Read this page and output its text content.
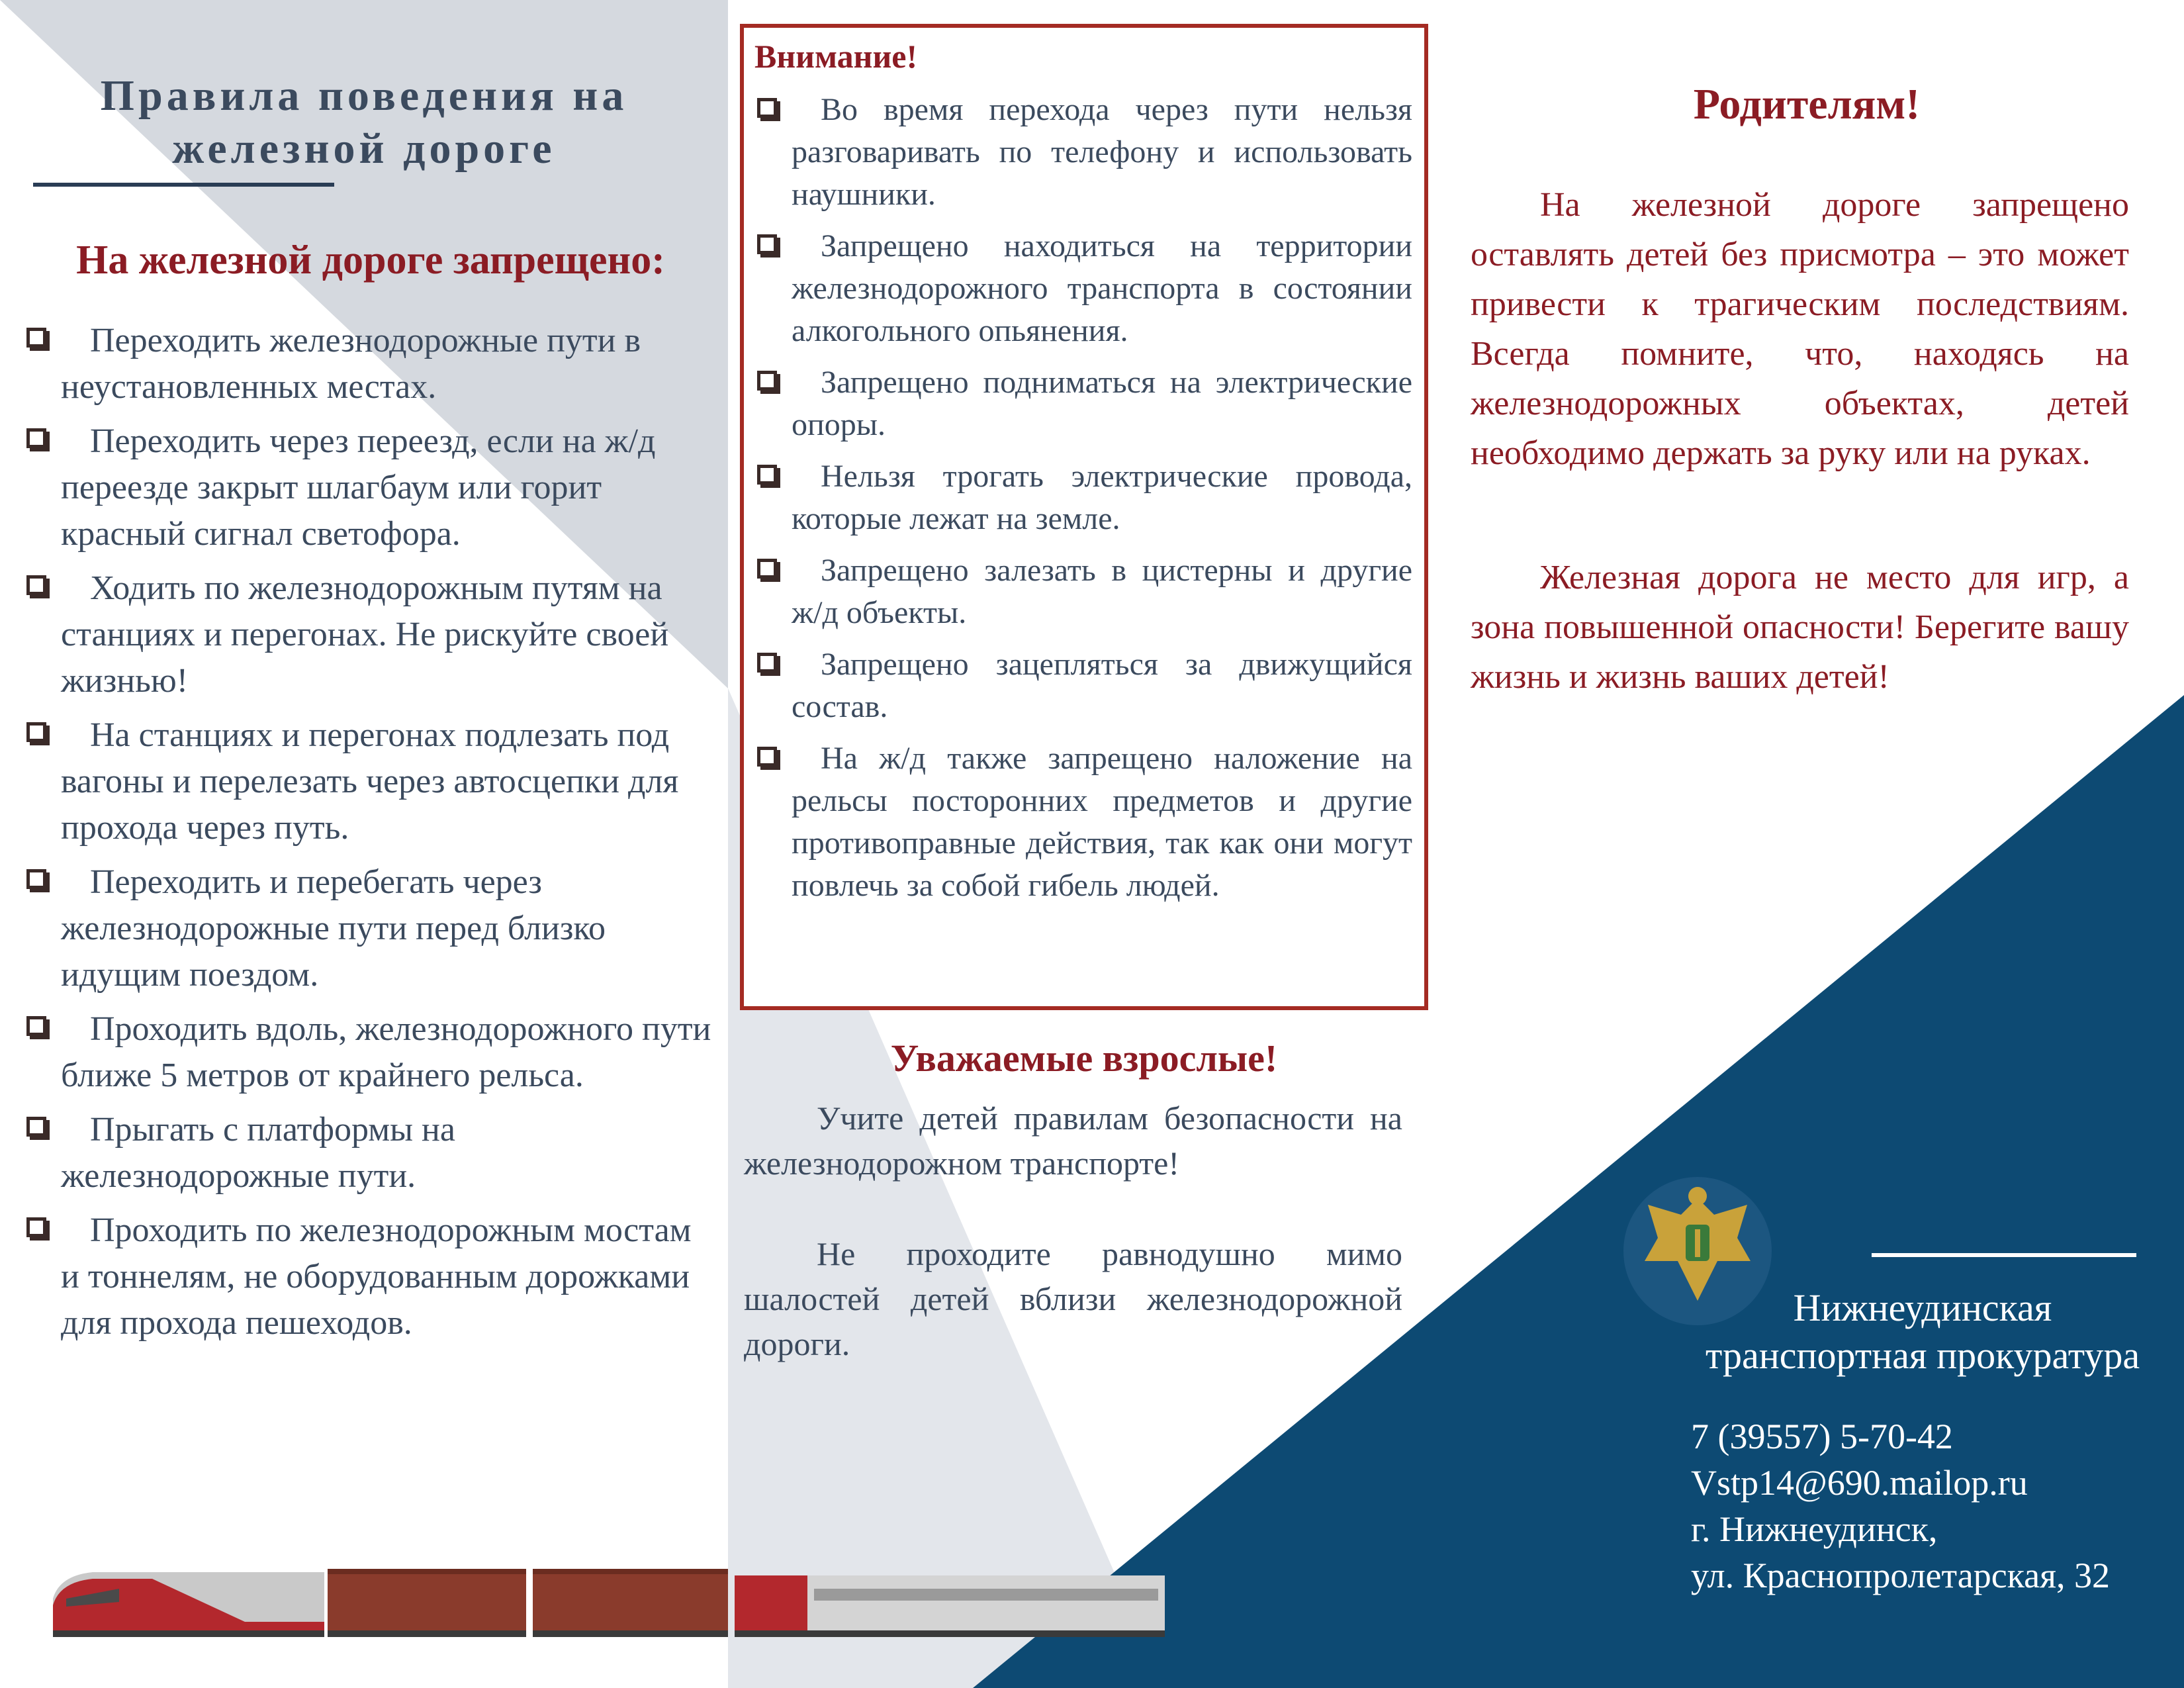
Правила поведения на
железной дороге
На железной дороге запрещено:
Переходить железнодорожные пути в неустановленных местах.
Переходить через переезд, если на ж/д переезде закрыт шлагбаум или горит красный сигнал светофора.
Ходить по железнодорожным путям на станциях и перегонах. Не рискуйте своей жизнью!
На станциях и перегонах подлезать под вагоны и перелезать через автосцепки для прохода через путь.
Переходить и перебегать через железнодорожные пути перед близко идущим поездом.
Проходить вдоль, железнодорожного пути ближе 5 метров от крайнего рельса.
Прыгать с платформы на железнодорожные пути.
Проходить по железнодорожным мостам и тоннелям, не оборудованным дорожками для прохода пешеходов.
Внимание!
Во время перехода через пути нельзя разговаривать по телефону и использовать наушники.
Запрещено находиться на территории железнодорожного транспорта в состоянии алкогольного опьянения.
Запрещено подниматься на электрические опоры.
Нельзя трогать электрические провода, которые лежат на земле.
Запрещено залезать в цистерны и другие ж/д объекты.
Запрещено зацепляться за движущийся состав.
На ж/д также запрещено наложение на рельсы посторонних предметов и другие противоправные действия, так как они могут повлечь за собой гибель людей.
Уважаемые взрослые!
Учите детей правилам безопасности на железнодорожном транспорте!
Не проходите равнодушно мимо шалостей детей вблизи железнодорожной дороги.
Родителям!
На железной дороге запрещено оставлять детей без присмотра – это может привести к трагическим последствиям. Всегда помните, что, находясь на железнодорожных объектах, детей необходимо держать за руку или на руках.
Железная дорога не место для игр, а зона повышенной опасности! Берегите вашу жизнь и жизнь ваших детей!
Нижнеудинская
транспортная прокуратура
7 (39557) 5-70-42
Vstp14@690.mailop.ru
г. Нижнеудинск,
ул. Краснопролетарская, 32
